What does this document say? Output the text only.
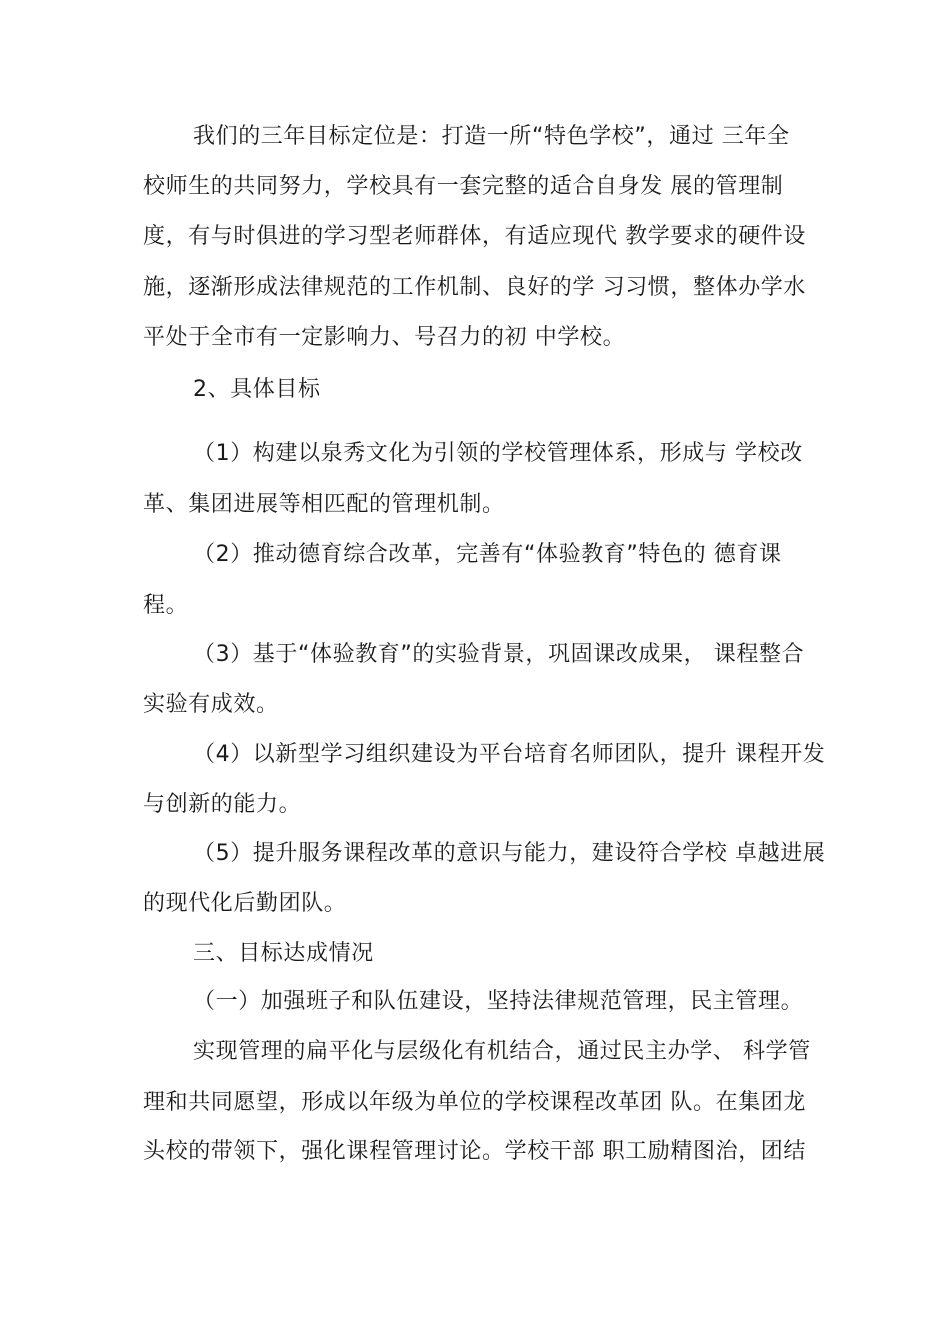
我们的三年目标定位是：打造一所“特色学校”，通过 三年全
校师生的共同努力，学校具有一套完整的适合自身发 展的管理制
度，有与时俱进的学习型老师群体，有适应现代 教学要求的硬件设
施，逐渐形成法律规范的工作机制、良好的学 习习惯，整体办学水
平处于全市有一定影响力、号召力的初 中学校。
2、具体目标
（1）构建以泉秀文化为引领的学校管理体系，形成与 学校改
革、集团进展等相匹配的管理机制。
（2）推动德育综合改革，完善有“体验教育”特色的 德育课
程。
（3）基于“体验教育”的实验背景，巩固课改成果， 课程整合
实验有成效。
（4）以新型学习组织建设为平台培育名师团队，提升 课程开发
与创新的能力。
（5）提升服务课程改革的意识与能力，建设符合学校 卓越进展
的现代化后勤团队。
三、目标达成情况
（一）加强班子和队伍建设，坚持法律规范管理，民主管理。
实现管理的扁平化与层级化有机结合，通过民主办学、 科学管
理和共同愿望，形成以年级为单位的学校课程改革团 队。在集团龙
头校的带领下，强化课程管理讨论。学校干部 职工励精图治，团结
